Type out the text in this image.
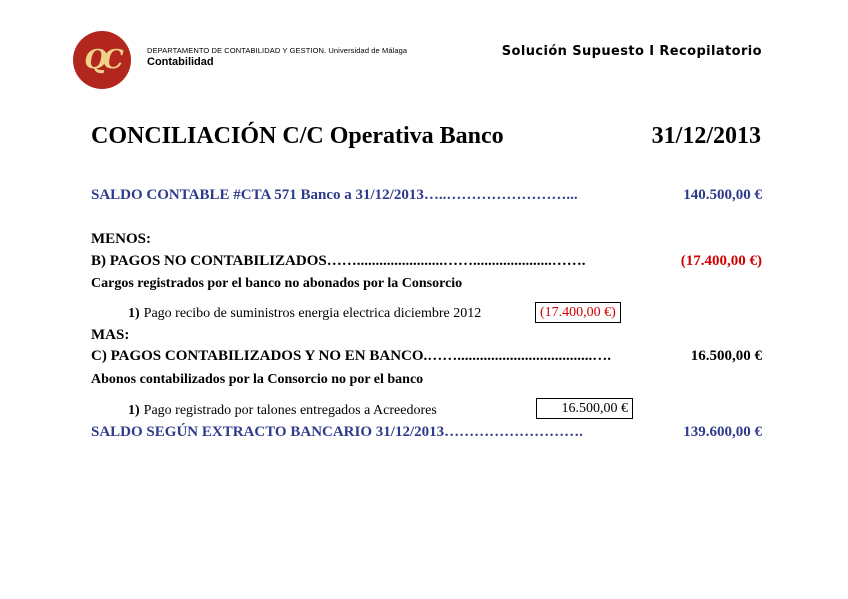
QC	DEPARTAMENTO DE CONTABILIDAD Y GESTION. Universidad de Málaga
Contabilidad
Solución Supuesto I Recopilatorio
CONCILIACIÓN C/C Operativa Banco	31/12/2013
SALDO CONTABLE #CTA 571 Banco a 31/12/2013…..……………………...	140.500,00 €
MENOS:
B) PAGOS NO CONTABILIZADOS…….......................…….....................…….	(17.400,00 €)
Cargos registrados por el banco no abonados por la Consorcio
1) Pago recibo de suministros energia electrica diciembre 2012	(17.400,00 €)
MAS:
C) PAGOS CONTABILIZADOS Y NO EN BANCO.……....................................….	16.500,00 €
Abonos contabilizados por la Consorcio no por el banco
1) Pago registrado por talones entregados a Acreedores	16.500,00 €
SALDO SEGÚN EXTRACTO BANCARIO 31/12/2013……………………….	139.600,00 €
